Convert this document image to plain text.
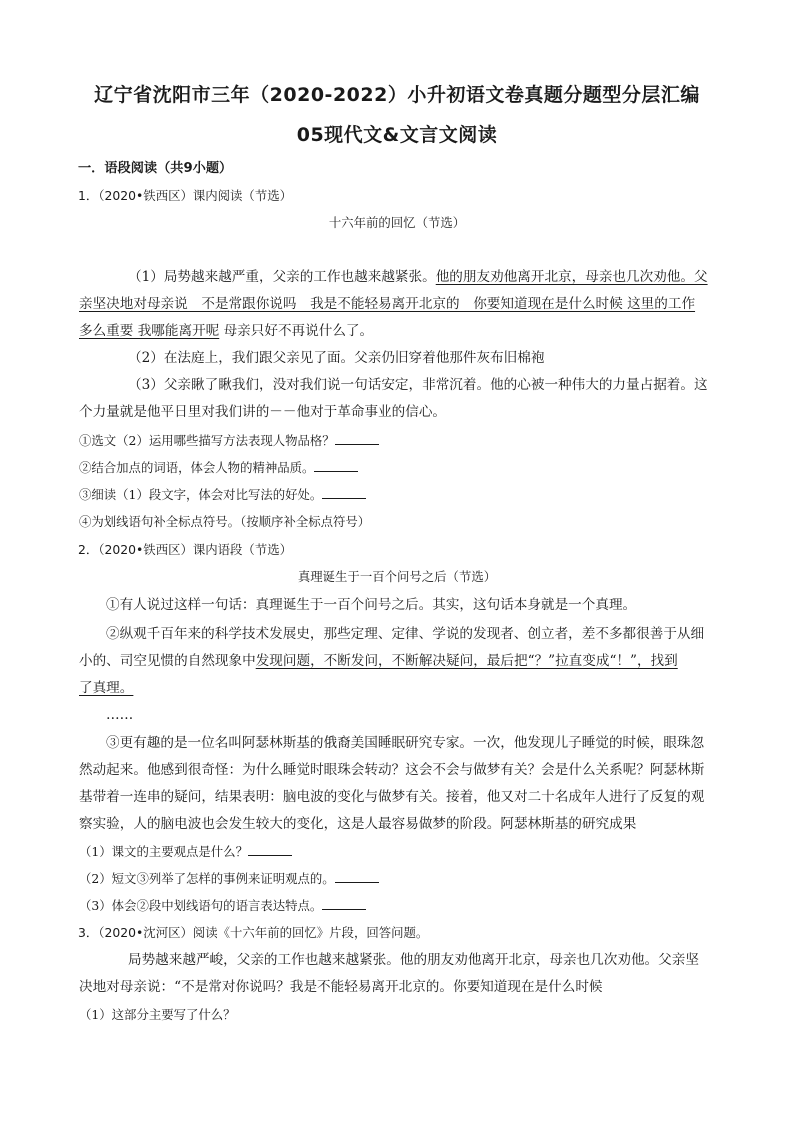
辽宁省沈阳市三年（2020-2022）小升初语文卷真题分题型分层汇编
05现代文&文言文阅读
一．语段阅读（共9小题）
1．（2020•铁西区）课内阅读（节选）
十六年前的回忆（节选）
（1）局势越来越严重，父亲的工作也越来越紧张。他的朋友劝他离开北京，母亲也几次劝他。父
亲坚决地对母亲说　不是常跟你说吗　我是不能轻易离开北京的　你要知道现在是什么时候 这里的工作
多么重要 我哪能离开呢 母亲只好不再说什么了。
（2）在法庭上，我们跟父亲见了面。父亲仍旧穿着他那件灰布旧棉袍
（3）父亲瞅了瞅我们，没对我们说一句话安定，非常沉着。他的心被一种伟大的力量占据着。这
个力量就是他平日里对我们讲的－－他对于革命事业的信心。
①选文（2）运用哪些描写方法表现人物品格？
②结合加点的词语，体会人物的精神品质。
③细读（1）段文字，体会对比写法的好处。
④为划线语句补全标点符号。（按顺序补全标点符号）
2．（2020•铁西区）课内语段（节选）
真理诞生于一百个问号之后（节选）
①有人说过这样一句话：真理诞生于一百个问号之后。其实，这句话本身就是一个真理。
②纵观千百年来的科学技术发展史，那些定理、定律、学说的发现者、创立者，差不多都很善于从细
小的、司空见惯的自然现象中发现问题，不断发问，不断解决疑问，最后把“？”拉直变成“！”，找到
了真理。
……
③更有趣的是一位名叫阿瑟林斯基的俄裔美国睡眠研究专家。一次，他发现儿子睡觉的时候，眼珠忽
然动起来。他感到很奇怪：为什么睡觉时眼珠会转动？这会不会与做梦有关？会是什么关系呢？阿瑟林斯
基带着一连串的疑问，结果表明：脑电波的变化与做梦有关。接着，他又对二十名成年人进行了反复的观
察实验，人的脑电波也会发生较大的变化，这是人最容易做梦的阶段。阿瑟林斯基的研究成果
（1）课文的主要观点是什么？
（2）短文③列举了怎样的事例来证明观点的。
（3）体会②段中划线语句的语言表达特点。
3．（2020•沈河区）阅读《十六年前的回忆》片段，回答问题。
局势越来越严峻，父亲的工作也越来越紧张。他的朋友劝他离开北京，母亲也几次劝他。父亲坚
决地对母亲说：“不是常对你说吗？我是不能轻易离开北京的。你要知道现在是什么时候
（1）这部分主要写了什么？
